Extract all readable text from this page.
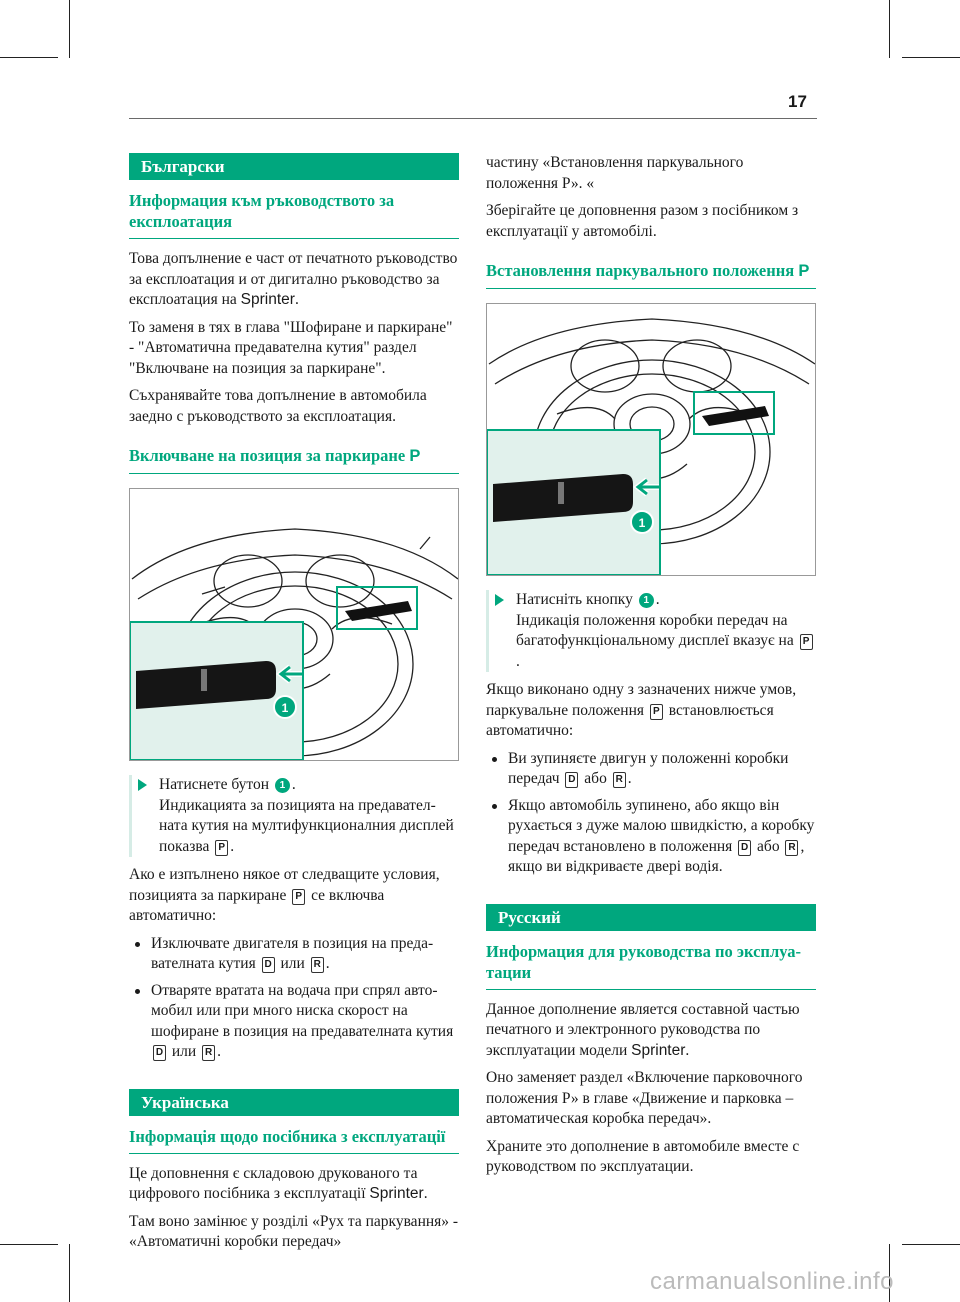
17
Български
Информация към ръководството за експлоатация

Това допълнение е част от печатното ръководство за експлоатация и от дигитално ръководство за експлоатация на Sprinter.

То заменя в тях в глава "Шофиране и паркиране" - "Автоматична предавателна кутия" раздел "Включване на позиция за паркиране".

Съхранявайте това допълнение в автомобила заедно с ръководството за експлоатация.

Включване на позиция за паркиране P
1
Натиснете бутон 1 .
Индикацията за позицията на предавателната кутия на мултифункционалния дисплей показва P .

Ако е изпълнено някое от следващите условия, позицията за паркиране P се включва автоматично:

Изключвате двигателя в позиция на предавателната кутия D или R .
Отваряте вратата на водача при спрял автомобил или при много ниска скорост на шофиране в позиция на предавателната кутия D или R .
Українська
Інформація щодо посібника з експлуатації

Це доповнення є складовою друкованого та цифрового посібника з експлуатації Sprinter.

Там воно замінює у розділі «Рух та паркування» - «Автоматичні коробки передач»

частину «Встановлення паркувального положення Р». «

Зберігайте це доповнення разом з посібником з експлуатації у автомобілі.

Встановлення паркувального положення P
1
Натисніть кнопку 1 .
Індикація положення коробки передач на багатофункціональному дисплеї вказує на P.

Якщо виконано одну з зазначених нижче умов, паркувальне положення P встановлюється автоматично:

Ви зупиняєте двигун у положенні коробки передач D або R .
Якщо автомобіль зупинено, або якщо він рухається з дуже малою швидкістю, а коробку передач встановлено в положення D або R , якщо ви відкриваєте двері водія.
Русский
Информация для руководства по эксплуатации

Данное дополнение является составной частью печатного и электронного руководства по эксплуатации модели Sprinter.

Оно заменяет раздел «Включение парковочного положения Р» в главе «Движение и парковка – автоматическая коробка передач».

Храните это дополнение в автомобиле вместе с руководством по эксплуатации.

carmanualsonline.info
